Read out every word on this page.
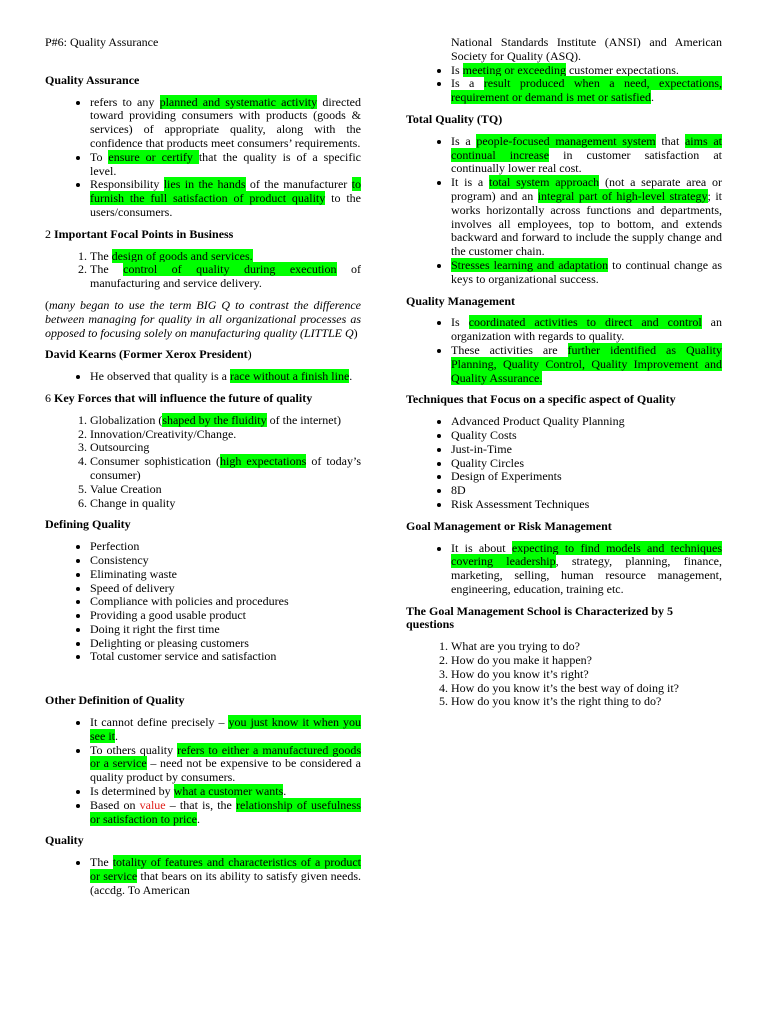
P#6: Quality Assurance

Quality Assurance
• refers to any planned and systematic activity directed toward providing consumers with products (goods & services) of appropriate quality, along with the confidence that products meet consumers’ requirements.
• To ensure or certify that the quality is of a specific level.
• Responsibility lies in the hands of the manufacturer to furnish the full satisfaction of product quality to the users/consumers.

2 Important Focal Points in Business

1. The design of goods and services.
2. The control of quality during execution of manufacturing and service delivery.

(many began to use the term BIG Q to contrast the difference between managing for quality in all organizational processes as opposed to focusing solely on manufacturing quality (LITTLE Q)

David Kearns (Former Xerox President)

• He observed that quality is a race without a finish line.

6 Key Forces that will influence the future of quality

1. Globalization (shaped by the fluidity of the internet)
2. Innovation/Creativity/Change.
3. Outsourcing
4. Consumer sophistication (high expectations of today’s consumer)
5. Value Creation
6. Change in quality
Defining Quality
• Perfection
• Consistency
• Eliminating waste
• Speed of delivery
• Compliance with policies and procedures
• Providing a good usable product
• Doing it right the first time
• Delighting or pleasing customers
• Total customer service and satisfaction
Other Definition of Quality
• It cannot define precisely – you just know it when you see it.
• To others quality refers to either a manufactured goods or a service – need not be expensive to be considered a quality product by consumers.
• Is determined by what a customer wants.
• Based on value – that is, the relationship of usefulness or satisfaction to price.
Quality
• The totality of features and characteristics of a product or service that bears on its ability to satisfy given needs. (accdg. To American

National Standards Institute (ANSI) and American Society for Quality (ASQ).

• Is meeting or exceeding customer expectations.
• Is a result produced when a need, expectations, requirement or demand is met or satisfied.
Total Quality (TQ)
• Is a people-focused management system that aims at continual increase in customer satisfaction at continually lower real cost.
• It is a total system approach (not a separate area or program) and an integral part of high-level strategy; it works horizontally across functions and departments, involves all employees, top to bottom, and extends backward and forward to include the supply change and the customer chain.
• Stresses learning and adaptation to continual change as keys to organizational success.
Quality Management
• Is coordinated activities to direct and control an organization with regards to quality.
• These activities are further identified as Quality Planning, Quality Control, Quality Improvement and Quality Assurance.
Techniques that Focus on a specific aspect of Quality
• Advanced Product Quality Planning
• Quality Costs
• Just-in-Time
• Quality Circles
• Design of Experiments
• 8D
• Risk Assessment Techniques
Goal Management or Risk Management
• It is about expecting to find models and techniques covering leadership, strategy, planning, finance, marketing, selling, human resource management, engineering, education, training etc.
The Goal Management School is Characterized by 5 questions
1. What are you trying to do?
2. How do you make it happen?
3. How do you know it’s right?
4. How do you know it’s the best way of doing it?
5. How do you know it’s the right thing to do?
